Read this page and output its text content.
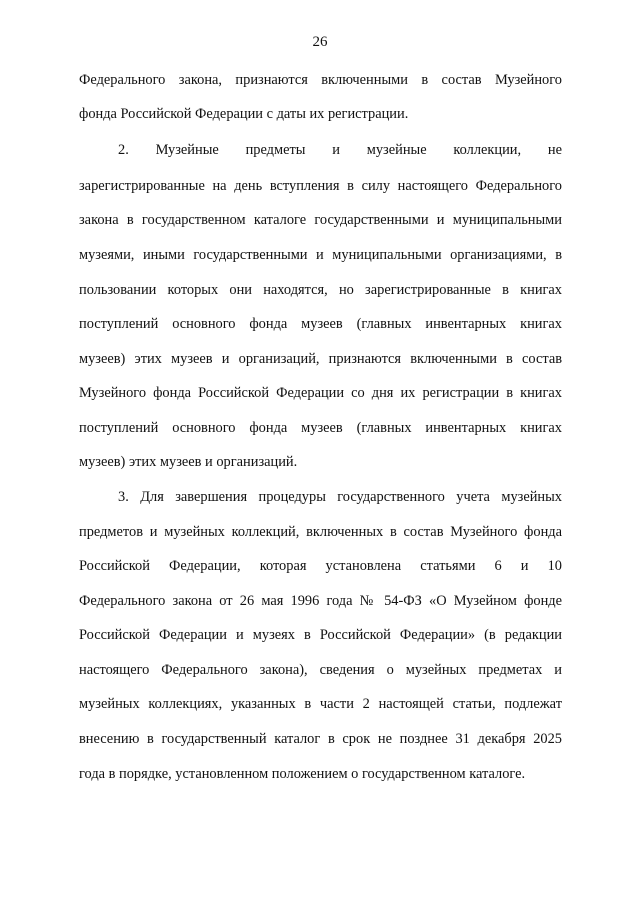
26
Федерального закона, признаются включенными в состав Музейного
фонда Российской Федерации с даты их регистрации.
2. Музейные предметы и музейные коллекции, не
зарегистрированные на день вступления в силу настоящего Федерального
закона в государственном каталоге государственными и муниципальными
музеями, иными государственными и муниципальными организациями, в
пользовании которых они находятся, но зарегистрированные в книгах
поступлений основного фонда музеев (главных инвентарных книгах
музеев) этих музеев и организаций, признаются включенными в состав
Музейного фонда Российской Федерации со дня их регистрации в книгах
поступлений основного фонда музеев (главных инвентарных книгах
музеев) этих музеев и организаций.
3. Для завершения процедуры государственного учета музейных
предметов и музейных коллекций, включенных в состав Музейного фонда
Российской Федерации, которая установлена статьями 6 и 10
Федерального закона от 26 мая 1996 года № 54-ФЗ «О Музейном фонде
Российской Федерации и музеях в Российской Федерации» (в редакции
настоящего Федерального закона), сведения о музейных предметах и
музейных коллекциях, указанных в части 2 настоящей статьи, подлежат
внесению в государственный каталог в срок не позднее 31 декабря 2025
года в порядке, установленном положением о государственном каталоге.
